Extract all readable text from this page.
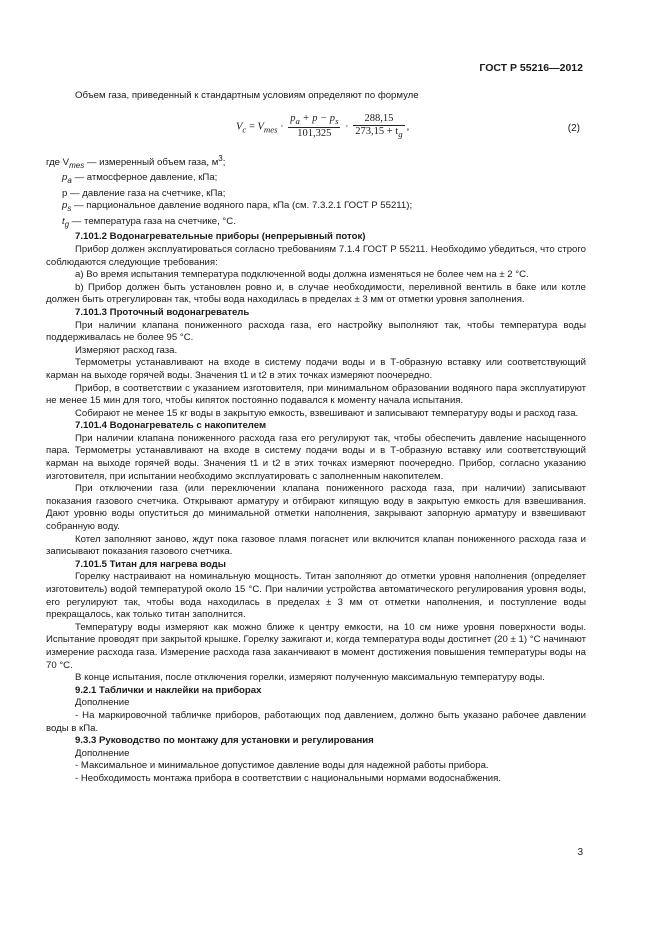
ГОСТ Р 55216—2012

Объем газа, приведенный к стандартным условиям определяют по формуле

$V_c = V_{mes} \cdot \frac{p_a + p - p_s}{101,325} \cdot \frac{288,15}{273,15 + t_g}$ ,	(2)

где $V_{mes}$ — измеренный объем газа, $м^3$;

$p_a$ — атмосферное давление, кПа;

p — давление газа на счетчике, кПа;

$p_s$ — парциональное давление водяного пара, кПа (см. 7.3.2.1 ГОСТ Р 55211);

$t_g$ — температура газа на счетчике, °С.

7.101.2 Водонагревательные приборы (непрерывный поток)

Прибор должен эксплуатироваться согласно требованиям 7.1.4 ГОСТ Р 55211. Необходимо убедиться, что строго соблюдаются следующие требования:

a) Во время испытания температура подключенной воды должна изменяться не более чем на ± 2 °С.

b) Прибор должен быть установлен ровно и, в случае необходимости, переливной вентиль в баке или котле должен быть отрегулирован так, чтобы вода находилась в пределах ± 3 мм от отметки уровня заполнения.

7.101.3 Проточный водонагреватель

При наличии клапана пониженного расхода газа, его настройку выполняют так, чтобы температура воды поддерживалась не более 95 °С.

Измеряют расход газа.

Термометры устанавливают на входе в систему подачи воды и в Т-образную вставку или соответствующий карман на выходе горячей воды. Значения t1 и t2 в этих точках измеряют поочередно.

Прибор, в соответствии с указанием изготовителя, при минимальном образовании водяного пара эксплуатируют не менее 15 мин для того, чтобы кипяток постоянно подавался к моменту начала испытания.

Собирают не менее 15 кг воды в закрытую емкость, взвешивают и записывают температуру воды и расход газа.

7.101.4 Водонагреватель с накопителем

При наличии клапана пониженного расхода газа его регулируют так, чтобы обеспечить давление насыщенного пара. Термометры устанавливают на входе в систему подачи воды и в Т-образную вставку или соответствующий карман на выходе горячей воды. Значения t1 и t2 в этих точках измеряют поочередно. Прибор, согласно указанию изготовителя, при испытании необходимо эксплуатировать с заполненным накопителем.

При отключении газа (или переключении клапана пониженного расхода газа, при наличии) записывают показания газового счетчика. Открывают арматуру и отбирают кипящую воду в закрытую емкость для взвешивания. Дают уровню воды опуститься до минимальной отметки наполнения, закрывают запорную арматуру и взвешивают собранную воду.

Котел заполняют заново, ждут пока газовое пламя погаснет или включится клапан пониженного расхода газа и записывают показания газового счетчика.

7.101.5 Титан для нагрева воды

Горелку настраивают на номинальную мощность. Титан заполняют до отметки уровня наполнения (определяет изготовитель) водой температурой около 15 °С. При наличии устройства автоматического регулирования уровня воды, его регулируют так, чтобы вода находилась в пределах ± 3 мм от отметки наполнения, и поступление воды прекращалось, как только титан заполнится.

Температуру воды измеряют как можно ближе к центру емкости, на 10 см ниже уровня поверхности воды. Испытание проводят при закрытой крышке. Горелку зажигают и, когда температура воды достигнет (20 ± 1) °С начинают измерение расхода газа. Измерение расхода газа заканчивают в момент достижения повышения температуры воды на 70 °С.

В конце испытания, после отключения горелки, измеряют полученную максимальную температуру воды.

9.2.1 Таблички и наклейки на приборах

Дополнение

- На маркировочной табличке приборов, работающих под давлением, должно быть указано рабочее давлении воды в кПа.

9.3.3 Руководство по монтажу для установки и регулирования

Дополнение

- Максимальное и минимальное допустимое давление воды для надежной работы прибора.

- Необходимость монтажа прибора в соответствии с национальными нормами водоснабжения.

3
